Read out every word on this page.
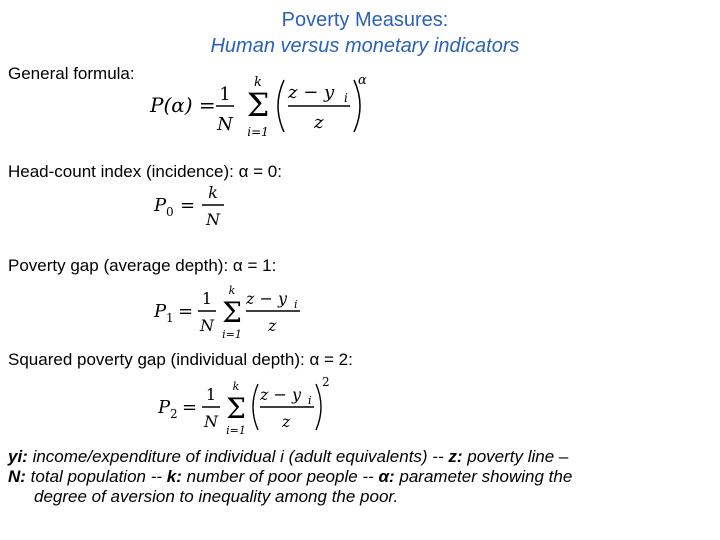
Poverty Measures:
Human versus monetary indicators
General formula:
P(α) = 1
N
k
Σ
i=1
z − y i
z
α
Head-count index (incidence): α = 0:
P 0 =
k
N
Poverty gap (average depth): α = 1:
P 1 =
1
N
k
Σ
i=1
z − y i
z
Squared poverty gap (individual depth): α = 2:
P 2 =
1
N
k
Σ
i=1
z − y i
z
2
yi: income/expenditure of individual i (adult equivalents) -- z: poverty line –
N: total population -- k: number of poor people -- α: parameter showing the
degree of aversion to inequality among the poor.
